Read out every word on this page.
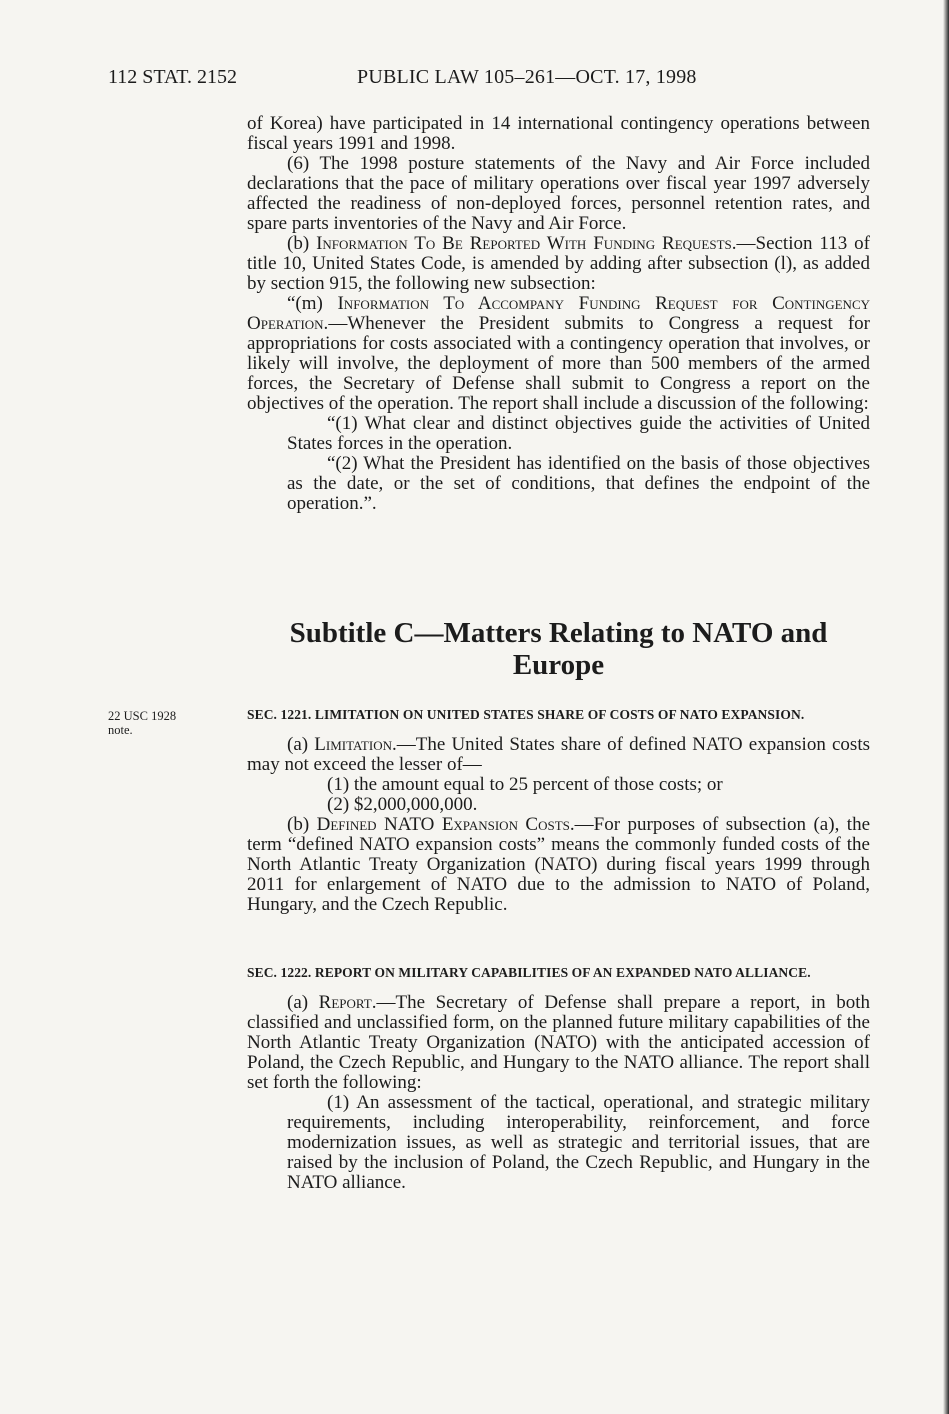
112 STAT. 2152	PUBLIC LAW 105–261—OCT. 17, 1998

of Korea) have participated in 14 international contingency operations between fiscal years 1991 and 1998.

(6) The 1998 posture statements of the Navy and Air Force included declarations that the pace of military operations over fiscal year 1997 adversely affected the readiness of non-deployed forces, personnel retention rates, and spare parts inventories of the Navy and Air Force.

(b) Information To Be Reported With Funding Requests.—Section 113 of title 10, United States Code, is amended by adding after subsection (l), as added by section 915, the following new subsection:

“(m) Information To Accompany Funding Request for Contingency Operation.—Whenever the President submits to Congress a request for appropriations for costs associated with a contingency operation that involves, or likely will involve, the deployment of more than 500 members of the armed forces, the Secretary of Defense shall submit to Congress a report on the objectives of the operation. The report shall include a discussion of the following:

“(1) What clear and distinct objectives guide the activities of United States forces in the operation.

“(2) What the President has identified on the basis of those objectives as the date, or the set of conditions, that defines the endpoint of the operation.”.

Subtitle C—Matters Relating to NATO and
Europe
22 USC 1928
note.
SEC. 1221. LIMITATION ON UNITED STATES SHARE OF COSTS OF NATO EXPANSION.

(a) Limitation.—The United States share of defined NATO expansion costs may not exceed the lesser of—

(1) the amount equal to 25 percent of those costs; or

(2) $2,000,000,000.

(b) Defined NATO Expansion Costs.—For purposes of subsection (a), the term “defined NATO expansion costs” means the commonly funded costs of the North Atlantic Treaty Organization (NATO) during fiscal years 1999 through 2011 for enlargement of NATO due to the admission to NATO of Poland, Hungary, and the Czech Republic.

SEC. 1222. REPORT ON MILITARY CAPABILITIES OF AN EXPANDED NATO ALLIANCE.

(a) Report.—The Secretary of Defense shall prepare a report, in both classified and unclassified form, on the planned future military capabilities of the North Atlantic Treaty Organization (NATO) with the anticipated accession of Poland, the Czech Republic, and Hungary to the NATO alliance. The report shall set forth the following:

(1) An assessment of the tactical, operational, and strategic military requirements, including interoperability, reinforcement, and force modernization issues, as well as strategic and territorial issues, that are raised by the inclusion of Poland, the Czech Republic, and Hungary in the NATO alliance.
